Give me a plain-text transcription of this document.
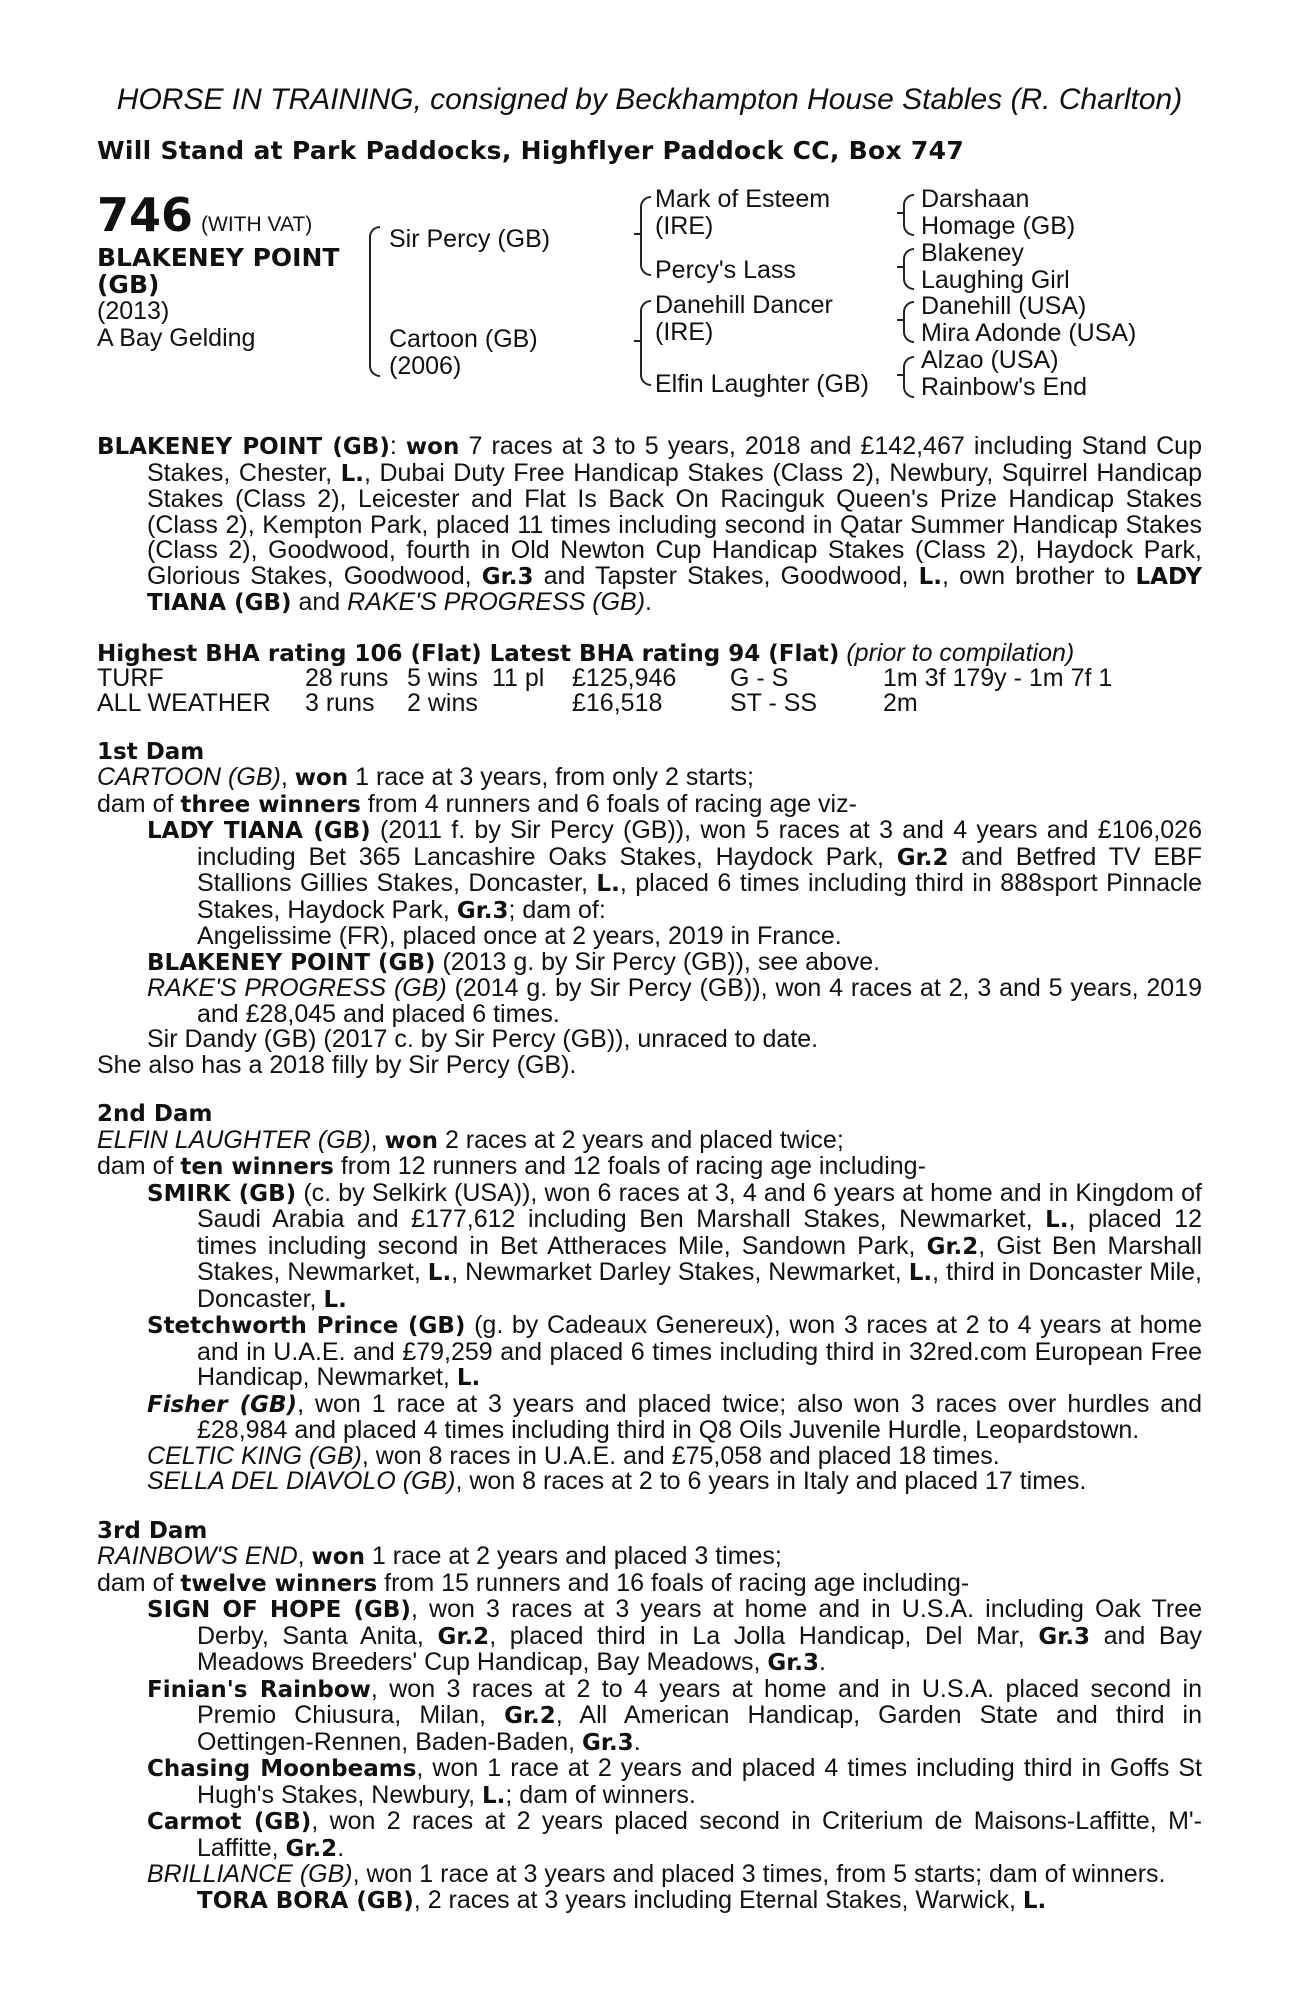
HORSE IN TRAINING, consigned by Beckhampton House Stables (R. Charlton)
Will Stand at Park Paddocks, Highflyer Paddock CC, Box 747
746 (WITH VAT)
BLAKENEY POINT
(GB)
(2013)
A Bay Gelding
Sir Percy (GB)
Cartoon (GB)
(2006)
Mark of Esteem
(IRE)
Percy's Lass
Danehill Dancer
(IRE)
Elfin Laughter (GB)
Darshaan
Homage (GB)
Blakeney
Laughing Girl
Danehill (USA)
Mira Adonde (USA)
Alzao (USA)
Rainbow's End

BLAKENEY POINT (GB): won 7 races at 3 to 5 years, 2018 and £142,467 including Stand Cup Stakes, Chester, L., Dubai Duty Free Handicap Stakes (Class 2), Newbury, Squirrel Handicap Stakes (Class 2), Leicester and Flat Is Back On Racinguk Queen's Prize Handicap Stakes (Class 2), Kempton Park, placed 11 times including second in Qatar Summer Handicap Stakes (Class 2), Goodwood, fourth in Old Newton Cup Handicap Stakes (Class 2), Haydock Park, Glorious Stakes, Goodwood, Gr.3 and Tapster Stakes, Goodwood, L., own brother to LADY TIANA (GB) and RAKE'S PROGRESS (GB).

Highest BHA rating 106 (Flat) Latest BHA rating 94 (Flat) (prior to compilation)
TURF	28 runs 5 wins 11 pl £125,946 G - S	1m 3f 179y - 1m 7f 1
ALL WEATHER 3 runs 2 wins	£16,518	ST - SS	2m

1st Dam

CARTOON (GB), won 1 race at 3 years, from only 2 starts;

dam of three winners from 4 runners and 6 foals of racing age viz-

LADY TIANA (GB) (2011 f. by Sir Percy (GB)), won 5 races at 3 and 4 years and £106,026 including Bet 365 Lancashire Oaks Stakes, Haydock Park, Gr.2 and Betfred TV EBF Stallions Gillies Stakes, Doncaster, L., placed 6 times including third in 888sport Pinnacle Stakes, Haydock Park, Gr.3; dam of:

Angelissime (FR), placed once at 2 years, 2019 in France.

BLAKENEY POINT (GB) (2013 g. by Sir Percy (GB)), see above.

RAKE'S PROGRESS (GB) (2014 g. by Sir Percy (GB)), won 4 races at 2, 3 and 5 years, 2019 and £28,045 and placed 6 times.

Sir Dandy (GB) (2017 c. by Sir Percy (GB)), unraced to date.

She also has a 2018 filly by Sir Percy (GB).

2nd Dam

ELFIN LAUGHTER (GB), won 2 races at 2 years and placed twice;

dam of ten winners from 12 runners and 12 foals of racing age including-

SMIRK (GB) (c. by Selkirk (USA)), won 6 races at 3, 4 and 6 years at home and in Kingdom of Saudi Arabia and £177,612 including Ben Marshall Stakes, Newmarket, L., placed 12 times including second in Bet Attheraces Mile, Sandown Park, Gr.2, Gist Ben Marshall Stakes, Newmarket, L., Newmarket Darley Stakes, Newmarket, L., third in Doncaster Mile, Doncaster, L.

Stetchworth Prince (GB) (g. by Cadeaux Genereux), won 3 races at 2 to 4 years at home and in U.A.E. and £79,259 and placed 6 times including third in 32red.com European Free Handicap, Newmarket, L.

Fisher (GB), won 1 race at 3 years and placed twice; also won 3 races over hurdles and £28,984 and placed 4 times including third in Q8 Oils Juvenile Hurdle, Leopardstown.

CELTIC KING (GB), won 8 races in U.A.E. and £75,058 and placed 18 times.

SELLA DEL DIAVOLO (GB), won 8 races at 2 to 6 years in Italy and placed 17 times.

3rd Dam

RAINBOW'S END, won 1 race at 2 years and placed 3 times;

dam of twelve winners from 15 runners and 16 foals of racing age including-

SIGN OF HOPE (GB), won 3 races at 3 years at home and in U.S.A. including Oak Tree Derby, Santa Anita, Gr.2, placed third in La Jolla Handicap, Del Mar, Gr.3 and Bay Meadows Breeders' Cup Handicap, Bay Meadows, Gr.3.

Finian's Rainbow, won 3 races at 2 to 4 years at home and in U.S.A. placed second in Premio Chiusura, Milan, Gr.2, All American Handicap, Garden State and third in Oettingen-Rennen, Baden-Baden, Gr.3.

Chasing Moonbeams, won 1 race at 2 years and placed 4 times including third in Goffs St Hugh's Stakes, Newbury, L.; dam of winners.

Carmot (GB), won 2 races at 2 years placed second in Criterium de Maisons-Laffitte, M'-Laffitte, Gr.2.

BRILLIANCE (GB), won 1 race at 3 years and placed 3 times, from 5 starts; dam of winners.

TORA BORA (GB), 2 races at 3 years including Eternal Stakes, Warwick, L.
